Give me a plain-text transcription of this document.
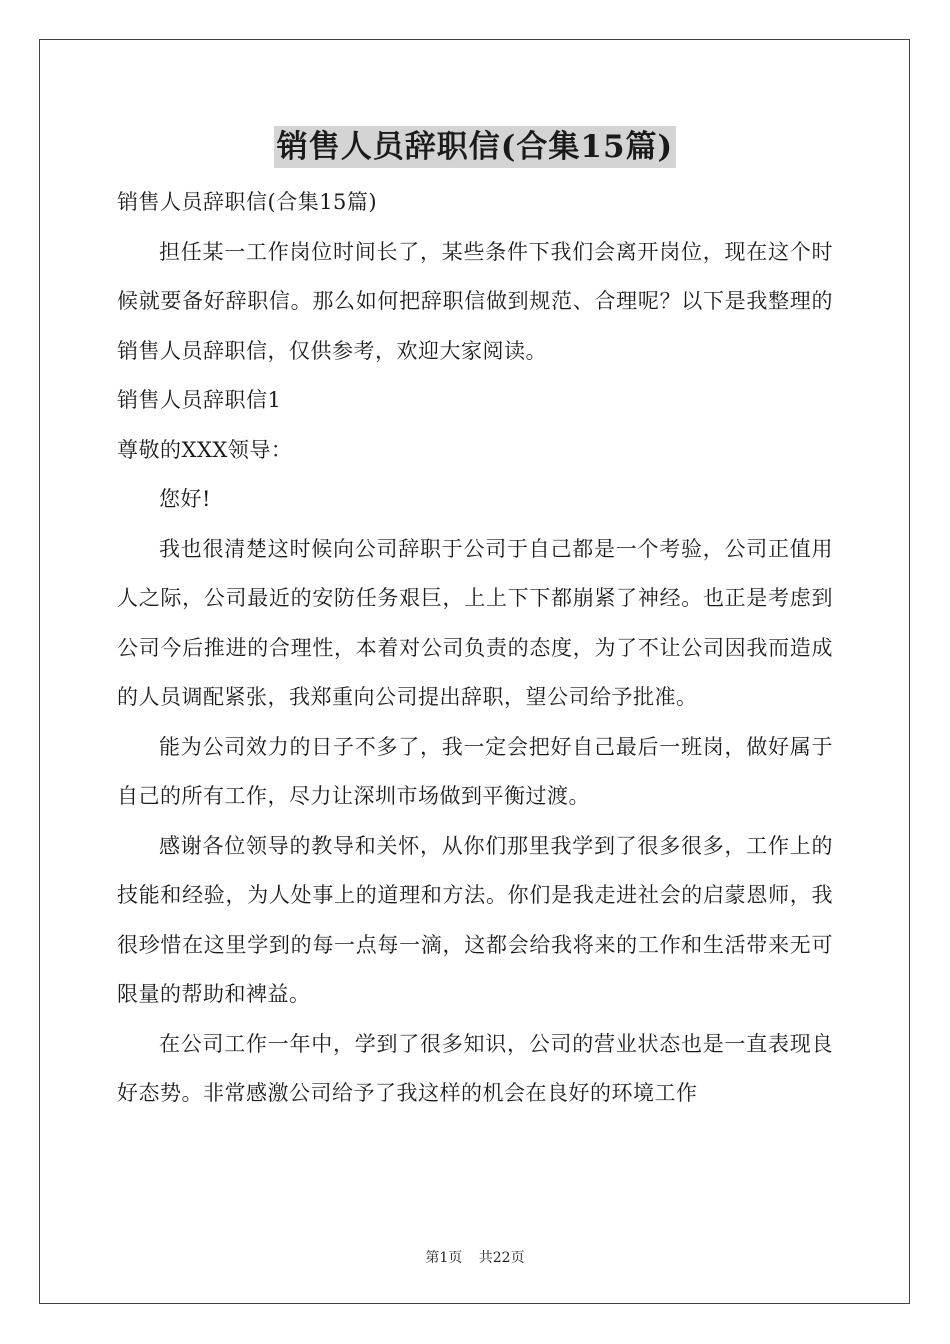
销售人员辞职信(合集15篇)

销售人员辞职信(合集15篇)

担任某一工作岗位时间长了，某些条件下我们会离开岗位，现在这个时候就要备好辞职信。那么如何把辞职信做到规范、合理呢？以下是我整理的销售人员辞职信，仅供参考，欢迎大家阅读。

销售人员辞职信1

尊敬的XXX领导：

您好!

我也很清楚这时候向公司辞职于公司于自己都是一个考验，公司正值用人之际，公司最近的安防任务艰巨，上上下下都崩紧了神经。也正是考虑到公司今后推进的合理性，本着对公司负责的态度，为了不让公司因我而造成的人员调配紧张，我郑重向公司提出辞职，望公司给予批准。

能为公司效力的日子不多了，我一定会把好自己最后一班岗，做好属于自己的所有工作，尽力让深圳市场做到平衡过渡。

感谢各位领导的教导和关怀，从你们那里我学到了很多很多，工作上的技能和经验，为人处事上的道理和方法。你们是我走进社会的启蒙恩师，我很珍惜在这里学到的每一点每一滴，这都会给我将来的工作和生活带来无可限量的帮助和裨益。

在公司工作一年中，学到了很多知识，公司的营业状态也是一直表现良好态势。非常感激公司给予了我这样的机会在良好的环境工作

第1页 共22页
